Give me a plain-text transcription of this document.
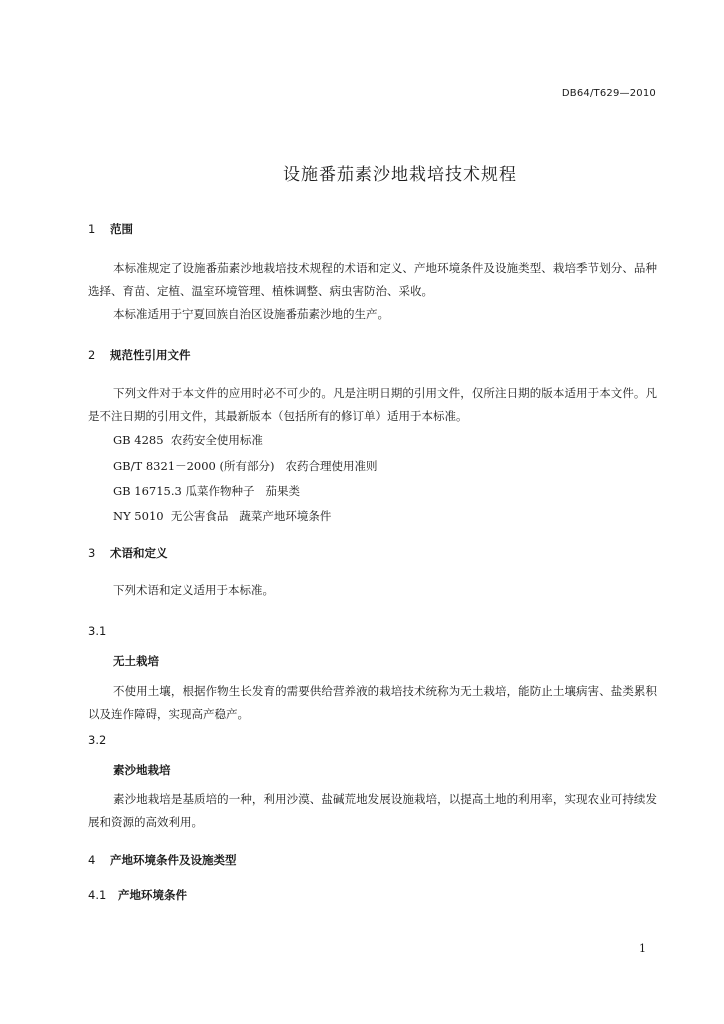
DB64/T629—2010
设施番茄素沙地栽培技术规程
1 范围
本标准规定了设施番茄素沙地栽培技术规程的术语和定义、产地环境条件及设施类型、栽培季节划分、品种选择、育苗、定植、温室环境管理、植株调整、病虫害防治、采收。
本标准适用于宁夏回族自治区设施番茄素沙地的生产。
2 规范性引用文件
下列文件对于本文件的应用时必不可少的。凡是注明日期的引用文件，仅所注日期的版本适用于本文件。凡是不注日期的引用文件，其最新版本（包括所有的修订单）适用于本标准。
GB 4285  农药安全使用标准
GB/T 8321－2000 (所有部分)   农药合理使用准则
GB 16715.3 瓜菜作物种子   茄果类
NY 5010  无公害食品   蔬菜产地环境条件
3 术语和定义
下列术语和定义适用于本标准。
3.1
无土栽培
不使用土壤，根据作物生长发育的需要供给营养液的栽培技术统称为无土栽培，能防止土壤病害、盐类累积以及连作障碍，实现高产稳产。
3.2
素沙地栽培
素沙地栽培是基质培的一种，利用沙漠、盐碱荒地发展设施栽培，以提高土地的利用率，实现农业可持续发展和资源的高效利用。
4 产地环境条件及设施类型
4.1 产地环境条件
1
